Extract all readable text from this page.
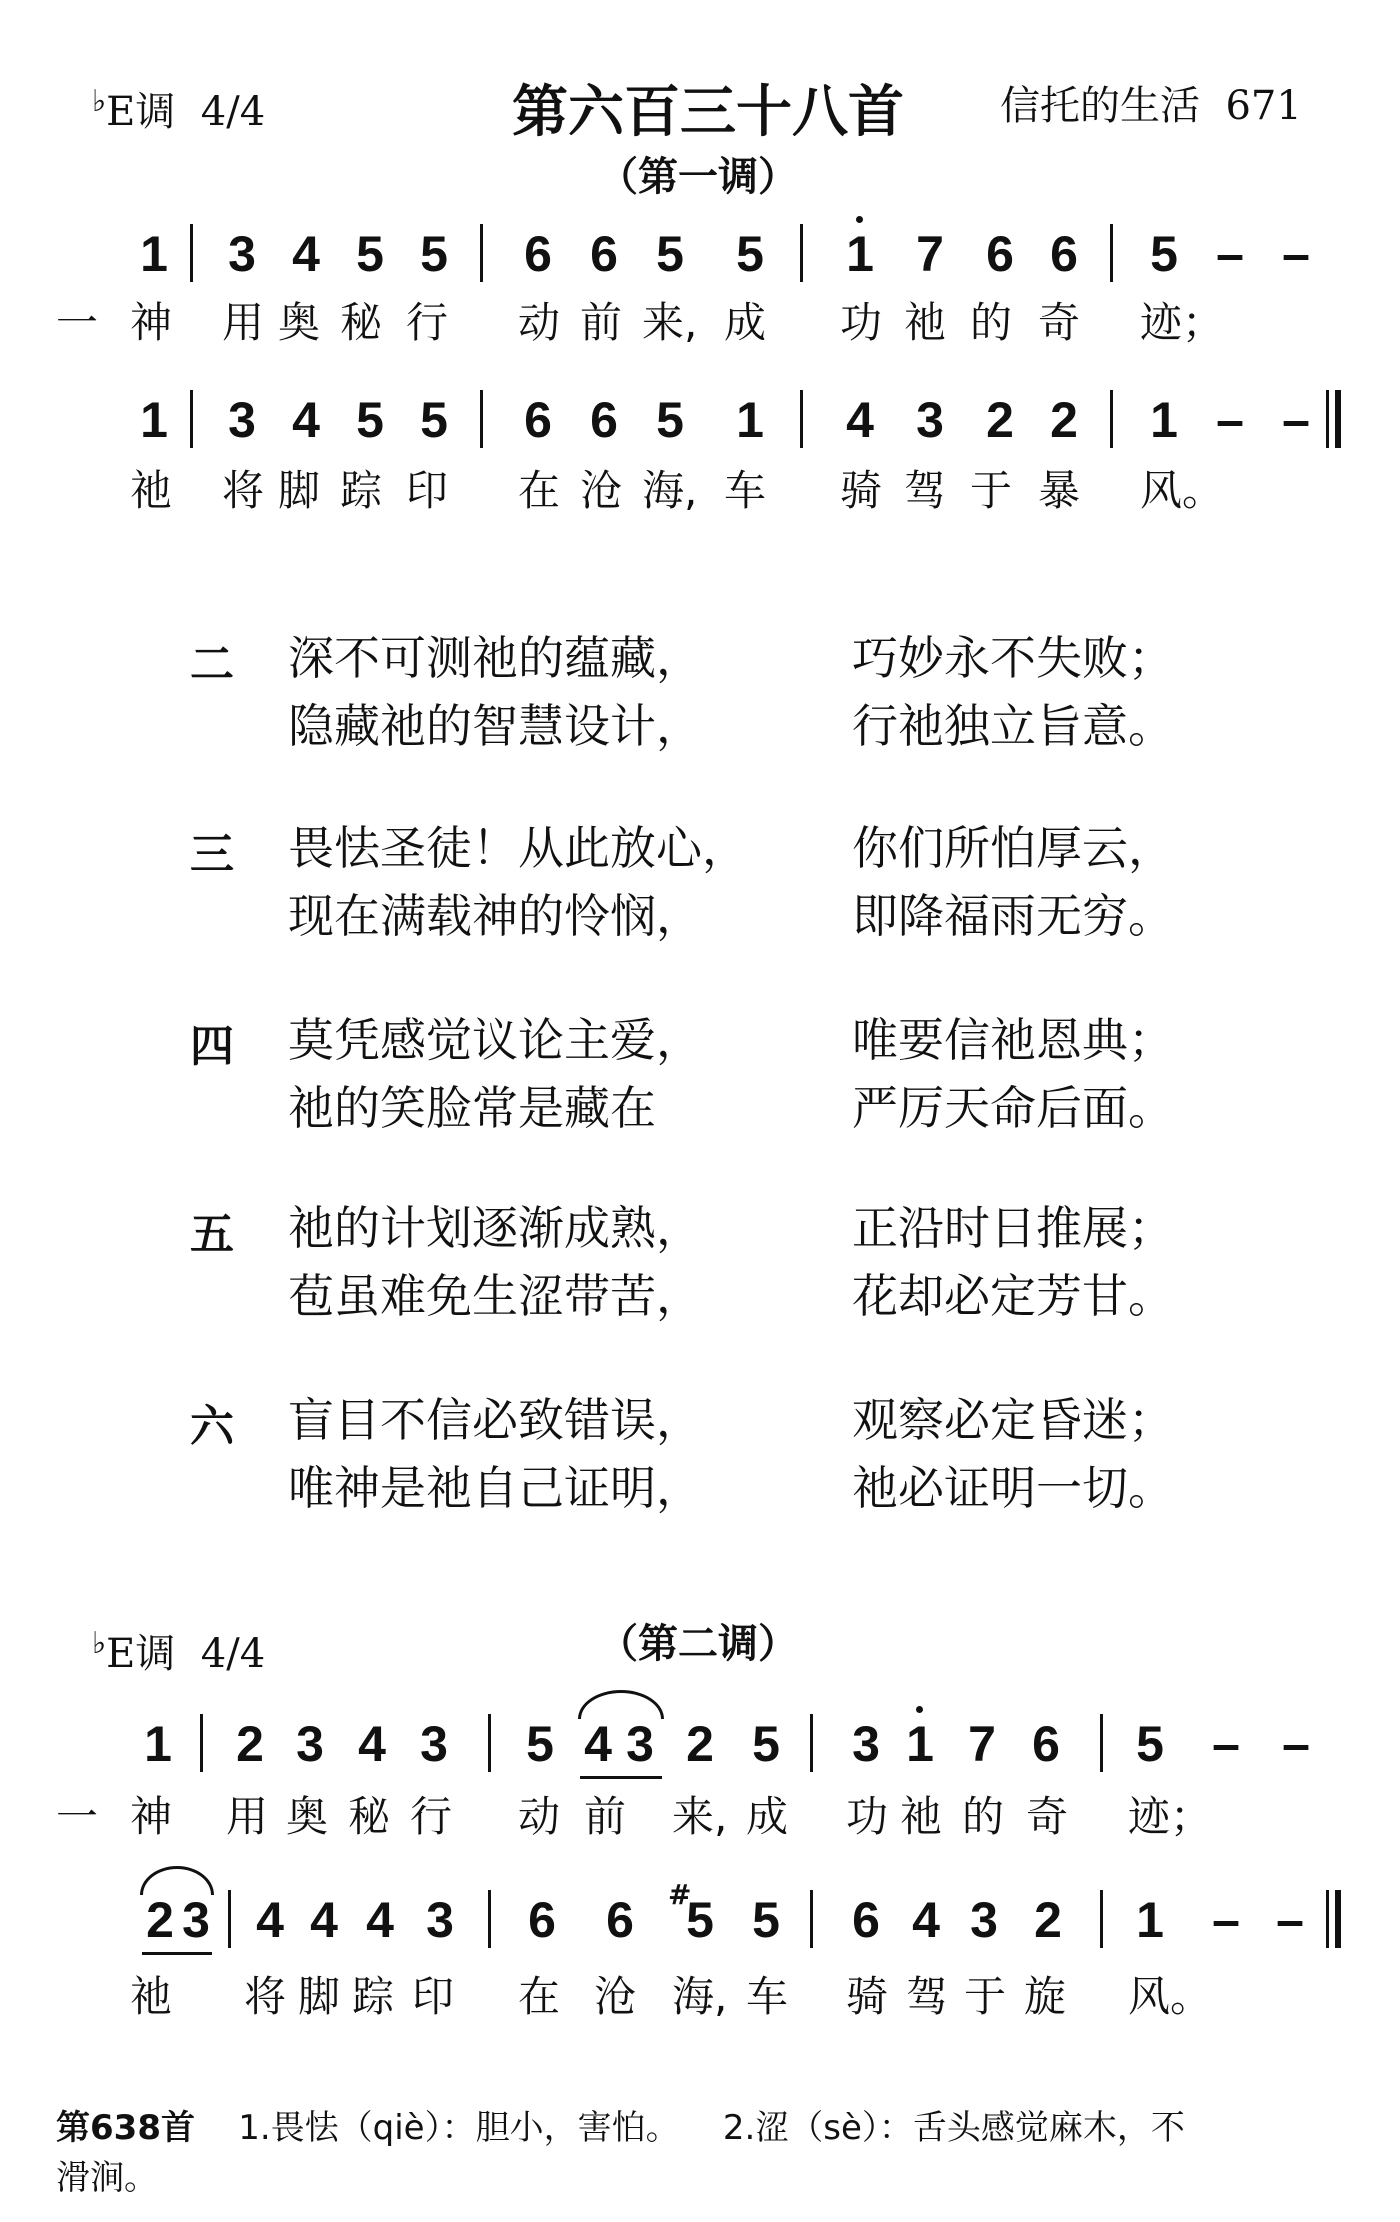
♭E调 4/4	第六百三十八首 信托的生活 671
（第一调）
1 3 4 5 5 6 6 5 5 1 7 6 6 5 – –
一 神 用 奥 秘 行 动 前 来, 成 功 祂 的 奇 迹；
1 3 4 5 5 6 6 5 1 4 3 2 2 1 – –
祂 将 脚 踪 印 在 沧 海, 车 骑 驾 于 暴 风。
二 深不可测祂的蕴藏，	巧妙永不失败；
隐藏祂的智慧设计，	行祂独立旨意。
三 畏怯圣徒！从此放心， 你们所怕厚云，
现在满载神的怜悯，	即降福雨无穷。
四 莫凭感觉议论主爱，	唯要信祂恩典；
祂的笑脸常是藏在	严厉天命后面。
五 祂的计划逐渐成熟，	正沿时日推展；
苞虽难免生涩带苦，	花却必定芳甘。
六 盲目不信必致错误，	观察必定昏迷；
唯神是祂自己证明，	祂必证明一切。
♭E调 4/4	（第二调）
1 2 3 4 3 5 4 3 2 5 3 1 7 6 5 – –
一 神 用 奥 秘 行 动 前 来, 成 功 祂 的 奇 迹；
2 3 4 4 4 3 6 6 #
5 5 6 4 3 2 1 – –
祂 将 脚 踪 印 在 沧 海, 车 骑 驾 于 旋 风。
第638首 1.畏怯（qiè）：胆小，害怕。 2.涩（sè）：舌头感觉麻木，不
滑涧。
